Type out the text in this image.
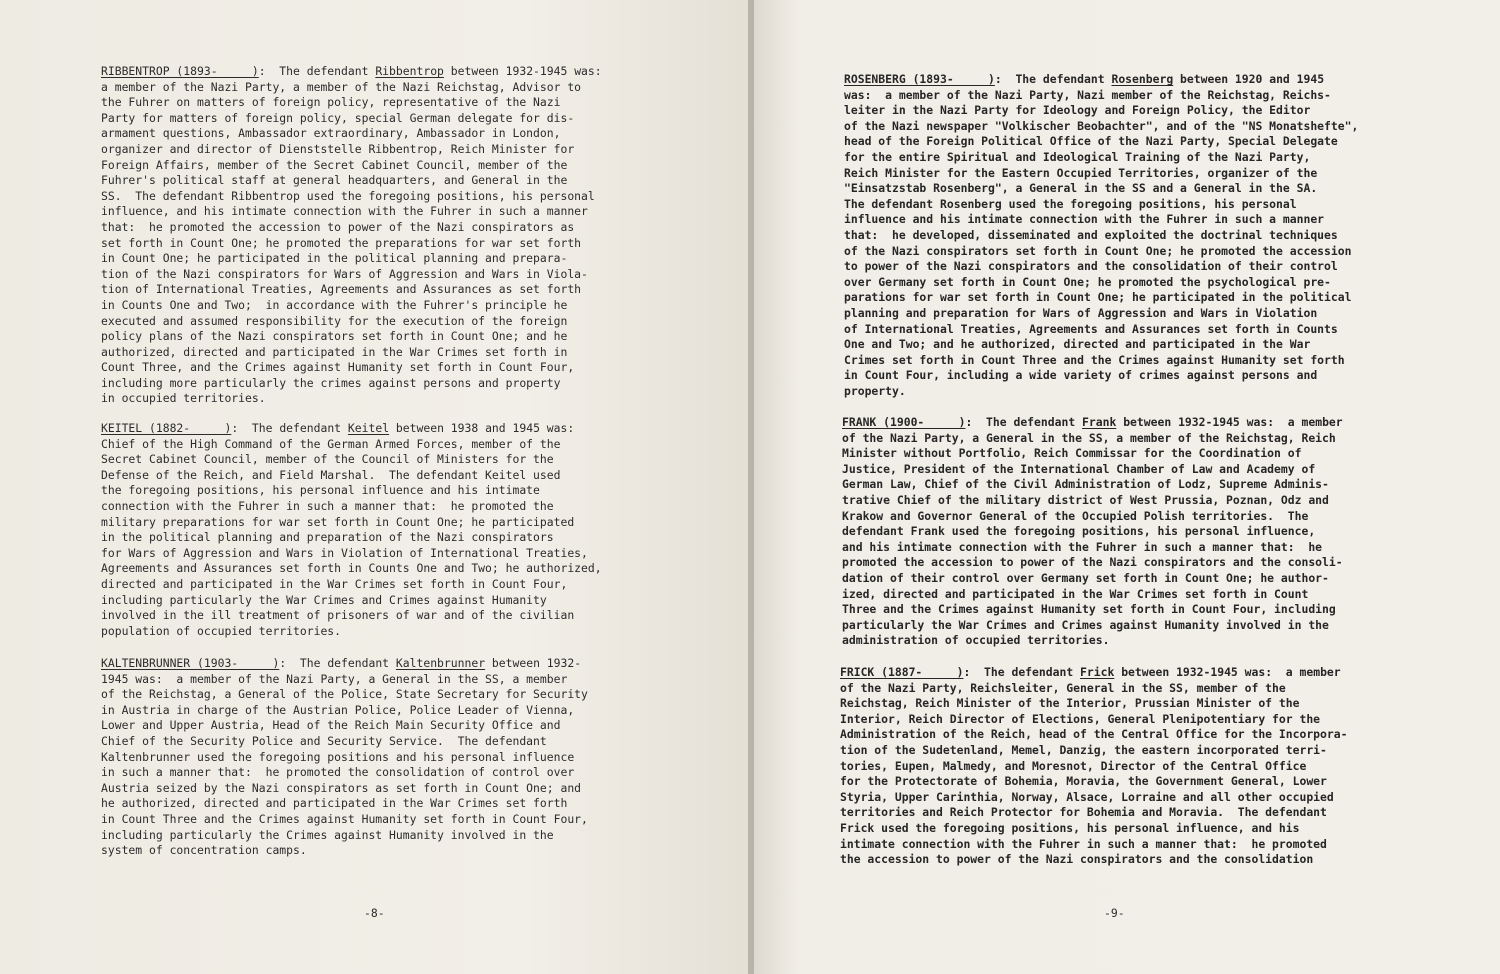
RIBBENTROP (1893-     ):  The defendant Ribbentrop between 1932-1945 was:

a member of the Nazi Party, a member of the Nazi Reichstag, Advisor to

the Fuhrer on matters of foreign policy, representative of the Nazi

Party for matters of foreign policy, special German delegate for dis-

armament questions, Ambassador extraordinary, Ambassador in London,

organizer and director of Dienststelle Ribbentrop, Reich Minister for

Foreign Affairs, member of the Secret Cabinet Council, member of the

Fuhrer's political staff at general headquarters, and General in the

SS.  The defendant Ribbentrop used the foregoing positions, his personal

influence, and his intimate connection with the Fuhrer in such a manner

that:  he promoted the accession to power of the Nazi conspirators as

set forth in Count One; he promoted the preparations for war set forth

in Count One; he participated in the political planning and prepara-

tion of the Nazi conspirators for Wars of Aggression and Wars in Viola-

tion of International Treaties, Agreements and Assurances as set forth

in Counts One and Two;  in accordance with the Fuhrer's principle he

executed and assumed responsibility for the execution of the foreign

policy plans of the Nazi conspirators set forth in Count One; and he

authorized, directed and participated in the War Crimes set forth in

Count Three, and the Crimes against Humanity set forth in Count Four,

including more particularly the crimes against persons and property

in occupied territories.

KEITEL (1882-     ):  The defendant Keitel between 1938 and 1945 was:

Chief of the High Command of the German Armed Forces, member of the

Secret Cabinet Council, member of the Council of Ministers for the

Defense of the Reich, and Field Marshal.  The defendant Keitel used

the foregoing positions, his personal influence and his intimate

connection with the Fuhrer in such a manner that:  he promoted the

military preparations for war set forth in Count One; he participated

in the political planning and preparation of the Nazi conspirators

for Wars of Aggression and Wars in Violation of International Treaties,

Agreements and Assurances set forth in Counts One and Two; he authorized,

directed and participated in the War Crimes set forth in Count Four,

including particularly the War Crimes and Crimes against Humanity

involved in the ill treatment of prisoners of war and of the civilian

population of occupied territories.

KALTENBRUNNER (1903-     ):  The defendant Kaltenbrunner between 1932-

1945 was:  a member of the Nazi Party, a General in the SS, a member

of the Reichstag, a General of the Police, State Secretary for Security

in Austria in charge of the Austrian Police, Police Leader of Vienna,

Lower and Upper Austria, Head of the Reich Main Security Office and

Chief of the Security Police and Security Service.  The defendant

Kaltenbrunner used the foregoing positions and his personal influence

in such a manner that:  he promoted the consolidation of control over

Austria seized by the Nazi conspirators as set forth in Count One; and

he authorized, directed and participated in the War Crimes set forth

in Count Three and the Crimes against Humanity set forth in Count Four,

including particularly the Crimes against Humanity involved in the

system of concentration camps.

-8-

ROSENBERG (1893-     ):  The defendant Rosenberg between 1920 and 1945

was:  a member of the Nazi Party, Nazi member of the Reichstag, Reichs-

leiter in the Nazi Party for Ideology and Foreign Policy, the Editor

of the Nazi newspaper "Volkischer Beobachter", and of the "NS Monatshefte",

head of the Foreign Political Office of the Nazi Party, Special Delegate

for the entire Spiritual and Ideological Training of the Nazi Party,

Reich Minister for the Eastern Occupied Territories, organizer of the

"Einsatzstab Rosenberg", a General in the SS and a General in the SA.

The defendant Rosenberg used the foregoing positions, his personal

influence and his intimate connection with the Fuhrer in such a manner

that:  he developed, disseminated and exploited the doctrinal techniques

of the Nazi conspirators set forth in Count One; he promoted the accession

to power of the Nazi conspirators and the consolidation of their control

over Germany set forth in Count One; he promoted the psychological pre-

parations for war set forth in Count One; he participated in the political

planning and preparation for Wars of Aggression and Wars in Violation

of International Treaties, Agreements and Assurances set forth in Counts

One and Two; and he authorized, directed and participated in the War

Crimes set forth in Count Three and the Crimes against Humanity set forth

in Count Four, including a wide variety of crimes against persons and

property.

FRANK (1900-     ):  The defendant Frank between 1932-1945 was:  a member

of the Nazi Party, a General in the SS, a member of the Reichstag, Reich

Minister without Portfolio, Reich Commissar for the Coordination of

Justice, President of the International Chamber of Law and Academy of

German Law, Chief of the Civil Administration of Lodz, Supreme Adminis-

trative Chief of the military district of West Prussia, Poznan, Odz and

Krakow and Governor General of the Occupied Polish territories.  The

defendant Frank used the foregoing positions, his personal influence,

and his intimate connection with the Fuhrer in such a manner that:  he

promoted the accession to power of the Nazi conspirators and the consoli-

dation of their control over Germany set forth in Count One; he author-

ized, directed and participated in the War Crimes set forth in Count

Three and the Crimes against Humanity set forth in Count Four, including

particularly the War Crimes and Crimes against Humanity involved in the

administration of occupied territories.

FRICK (1887-     ):  The defendant Frick between 1932-1945 was:  a member

of the Nazi Party, Reichsleiter, General in the SS, member of the

Reichstag, Reich Minister of the Interior, Prussian Minister of the

Interior, Reich Director of Elections, General Plenipotentiary for the

Administration of the Reich, head of the Central Office for the Incorpora-

tion of the Sudetenland, Memel, Danzig, the eastern incorporated terri-

tories, Eupen, Malmedy, and Moresnot, Director of the Central Office

for the Protectorate of Bohemia, Moravia, the Government General, Lower

Styria, Upper Carinthia, Norway, Alsace, Lorraine and all other occupied

territories and Reich Protector for Bohemia and Moravia.  The defendant

Frick used the foregoing positions, his personal influence, and his

intimate connection with the Fuhrer in such a manner that:  he promoted

the accession to power of the Nazi conspirators and the consolidation

-9-
